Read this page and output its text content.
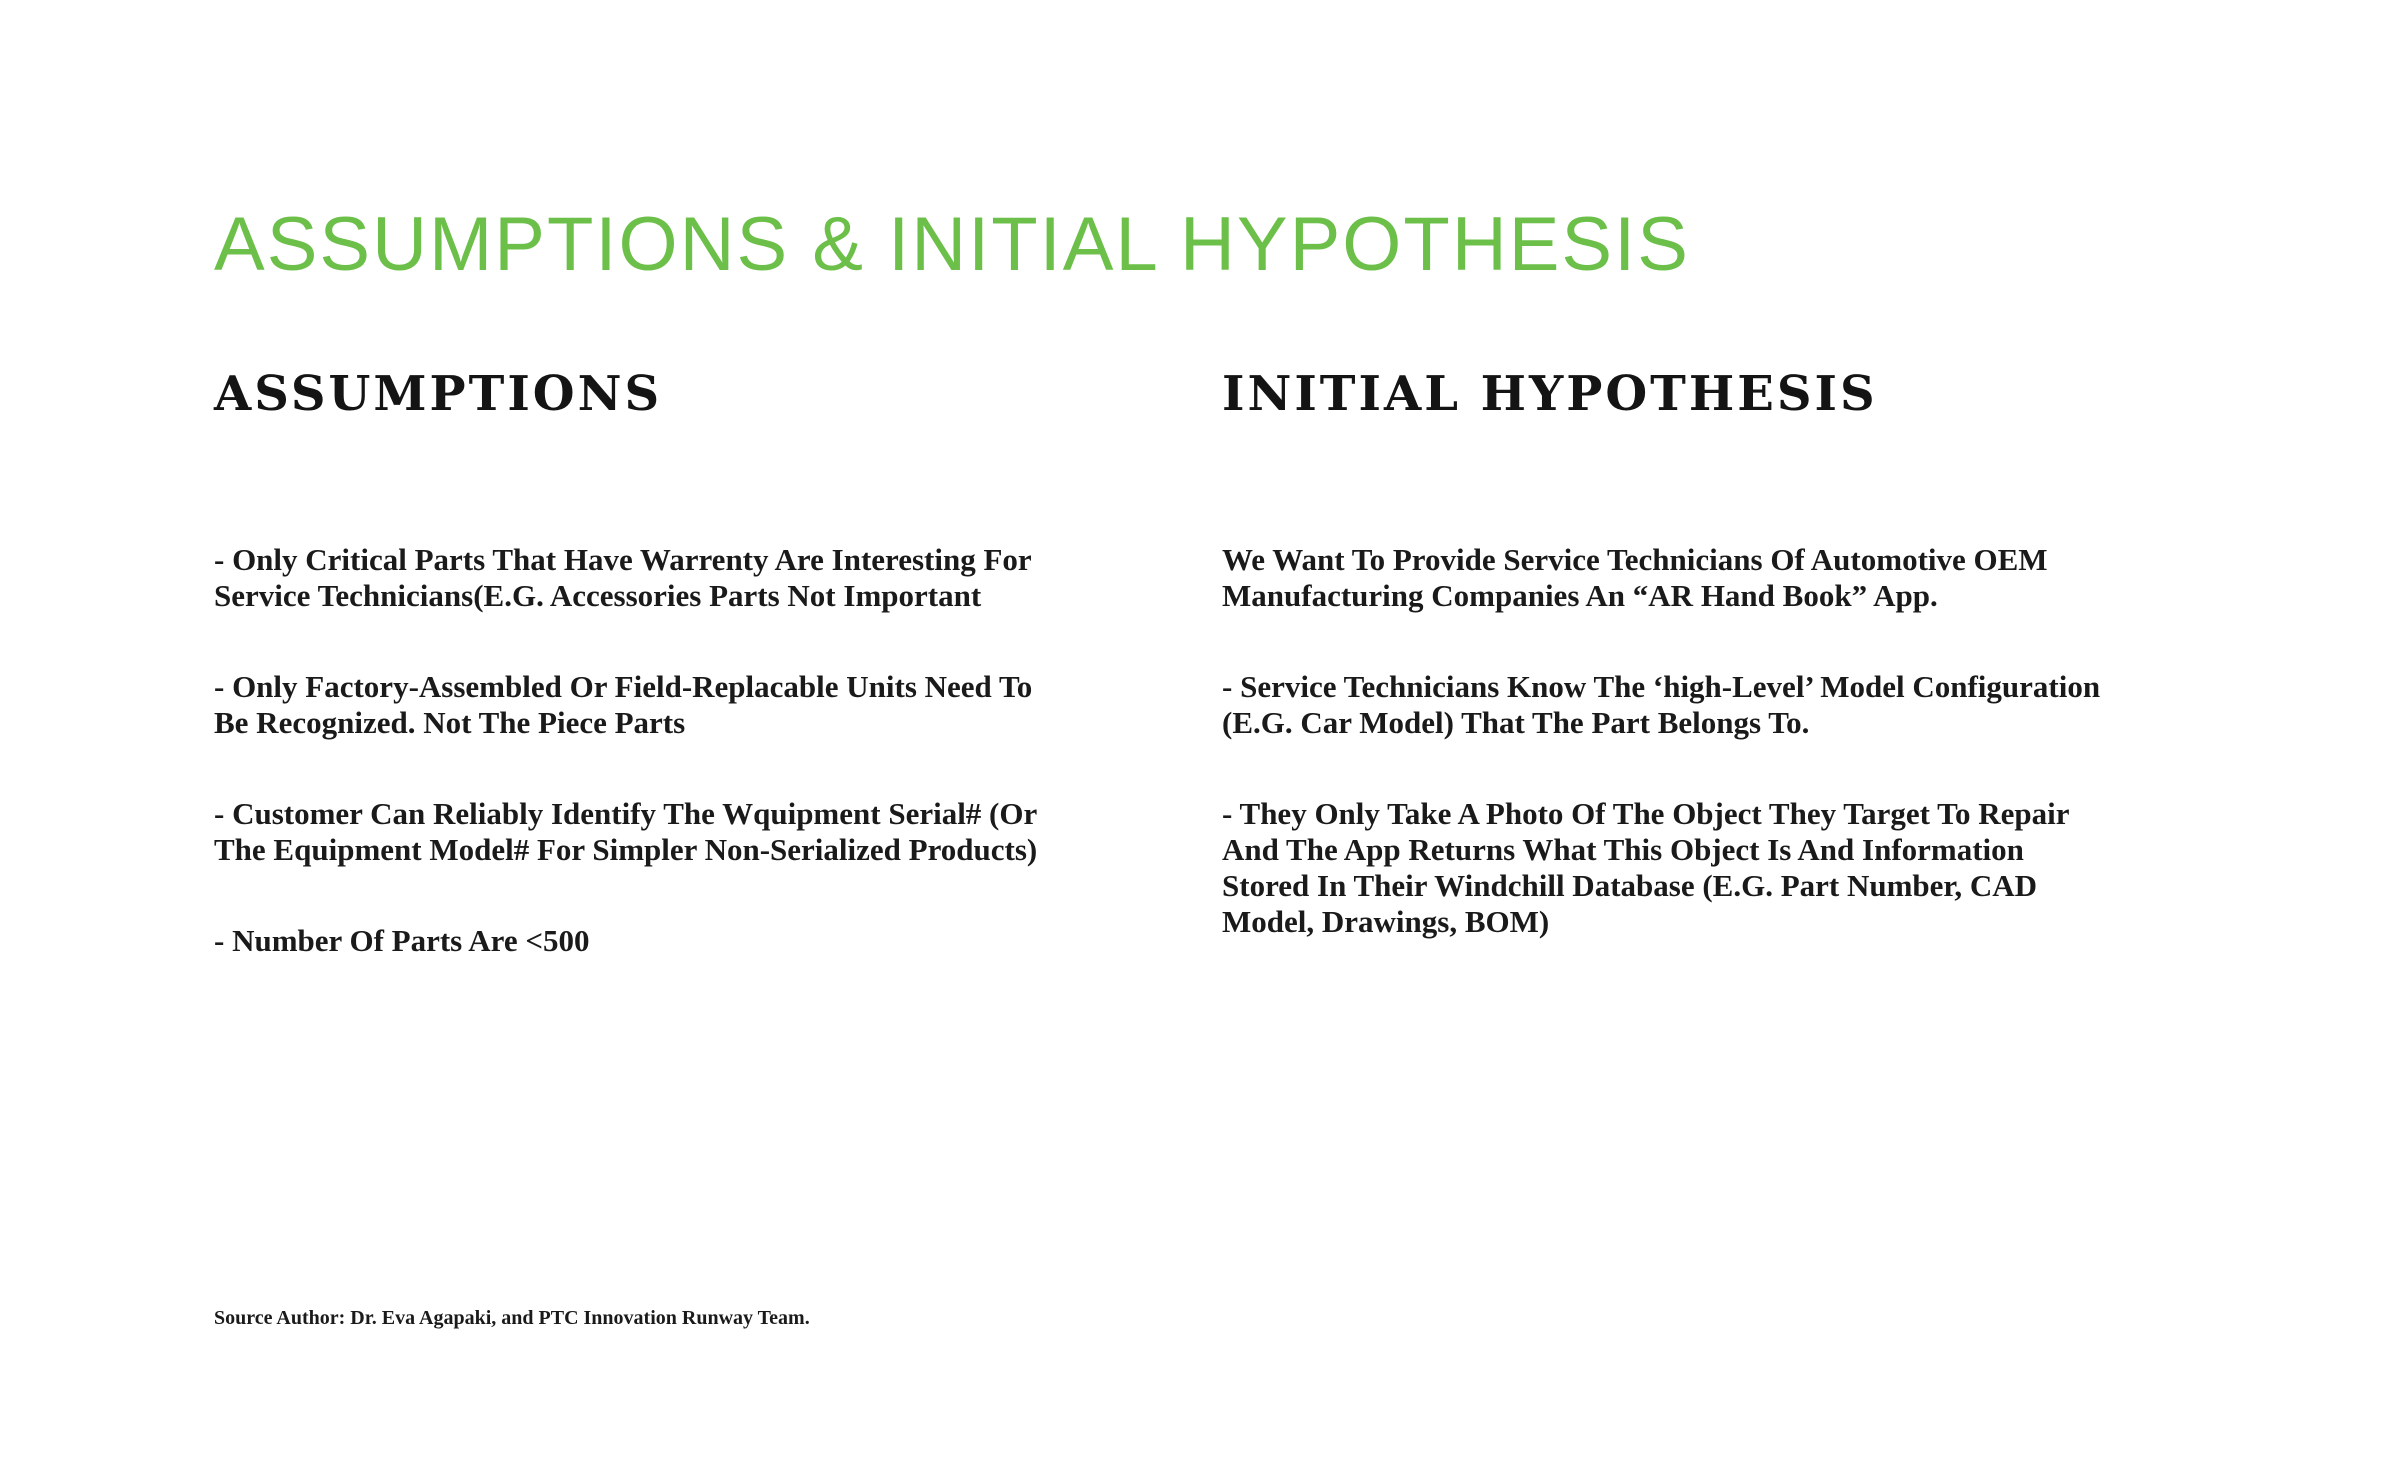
ASSUMPTIONS & INITIAL HYPOTHESIS
ASSUMPTIONS

- Only Critical Parts That Have Warrenty Are Interesting For Service Technicians(E.G. Accessories Parts Not Important

- Only Factory-Assembled Or Field-Replacable Units Need To Be Recognized. Not The Piece Parts

- Customer Can Reliably Identify The Wquipment Serial# (Or The Equipment Model# For Simpler Non-Serialized Products)

- Number Of Parts Are <500

INITIAL HYPOTHESIS

We Want To Provide Service Technicians Of Automotive OEM Manufacturing Companies An “AR Hand Book” App.

- Service Technicians Know The ‘high-Level’ Model Configuration (E.G. Car Model) That The Part Belongs To.

- They Only Take A Photo Of The Object They Target To Repair And The App Returns What This Object Is And Information Stored In Their Windchill Database (E.G. Part Number, CAD Model, Drawings, BOM)

Source Author: Dr. Eva Agapaki, and PTC Innovation Runway Team.
